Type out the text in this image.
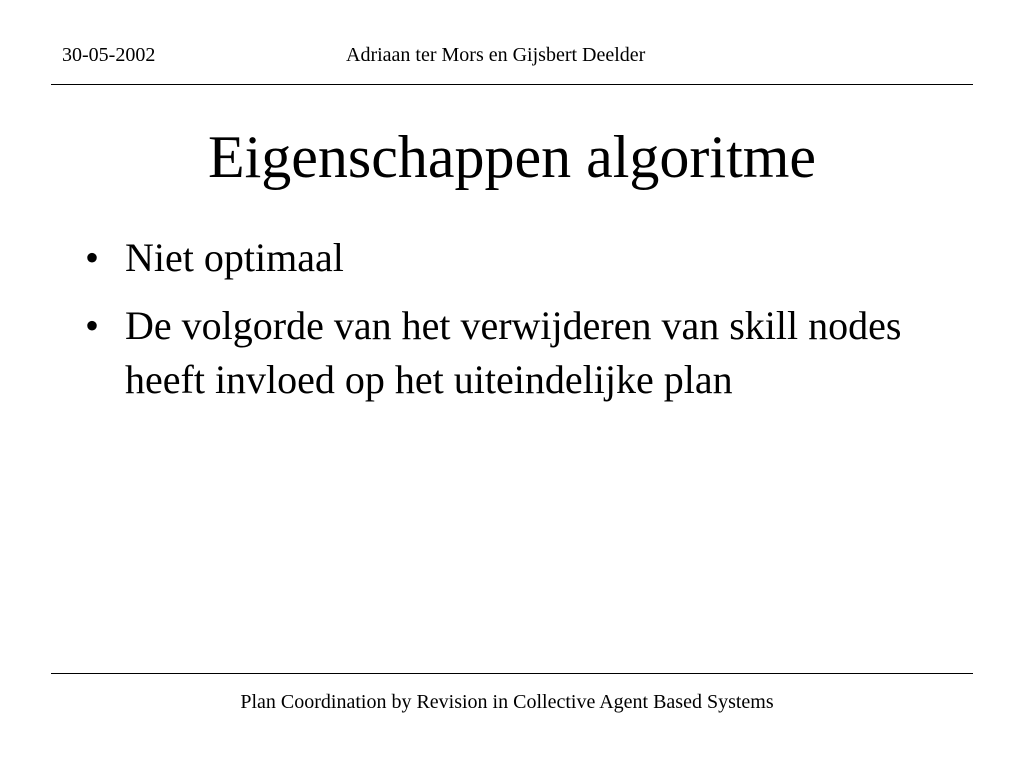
30-05-2002	Adriaan ter Mors en Gijsbert Deelder
Eigenschappen algoritme
• Niet optimaal
• De volgorde van het verwijderen van skill nodes heeft invloed op het uiteindelijke plan
Plan Coordination by Revision in Collective Agent Based Systems
